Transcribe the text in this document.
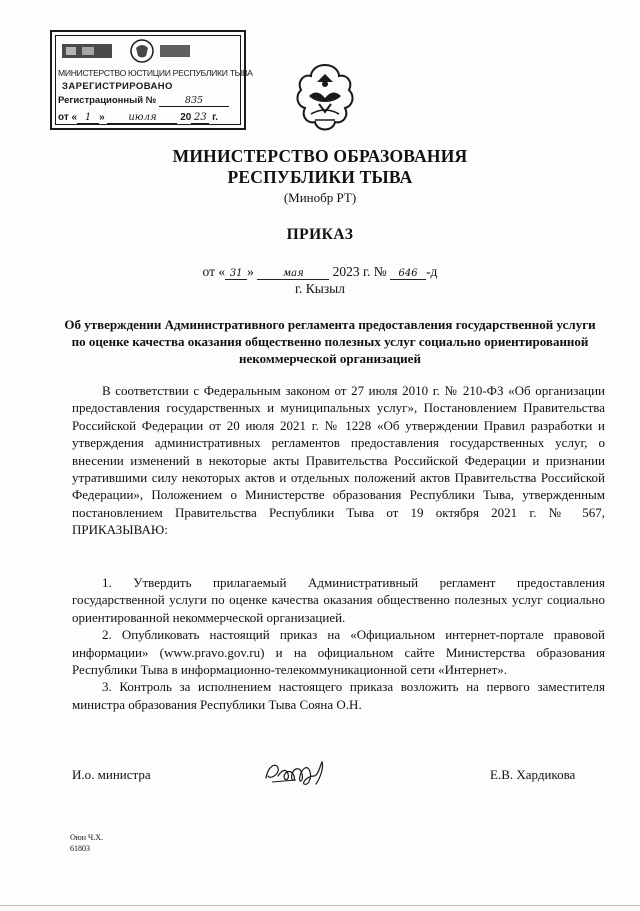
МИНИСТЕРСТВО ЮСТИЦИИ РЕСПУБЛИКИ ТЫВА
ЗАРЕГИСТРИРОВАНО
Регистрационный №	835
от « 1 » июля 20 23 г.
МИНИСТЕРСТВО ОБРАЗОВАНИЯ
РЕСПУБЛИКИ ТЫВА
(Минобр РТ)
ПРИКАЗ
от « 31 »	мая 2023 г. № 646 -д
г. Кызыл
Об утверждении Административного регламента предоставления государственной услуги по оценке качества оказания общественно полезных услуг социально ориентированной некоммерческой организацией

В соответствии с Федеральным законом от 27 июля 2010 г. № 210-ФЗ «Об организации предоставления государственных и муниципальных услуг», Постановлением Правительства Российской Федерации от 20 июля 2021 г. № 1228 «Об утверждении Правил разработки и утверждения административных регламентов предоставления государственных услуг, о внесении изменений в некоторые акты Правительства Российской Федерации и признании утратившими силу некоторых актов и отдельных положений актов Правительства Российской Федерации», Положением о Министерстве образования Республики Тыва, утвержденным постановлением Правительства Республики Тыва от 19 октября 2021 г. № 567, ПРИКАЗЫВАЮ:

1. Утвердить прилагаемый Административный регламент предоставления государственной услуги по оценке качества оказания общественно полезных услуг социально ориентированной некоммерческой организацией.

2. Опубликовать настоящий приказ на «Официальном интернет-портале правовой информации» (www.pravo.gov.ru) и на официальном сайте Министерства образования Республики Тыва в информационно-телекоммуникационной сети «Интернет».

3. Контроль за исполнением настоящего приказа возложить на первого заместителя министра образования Республики Тыва Сояна О.Н.

И.о. министра	Е.В. Хардикова
Оюн Ч.Х.
61803
